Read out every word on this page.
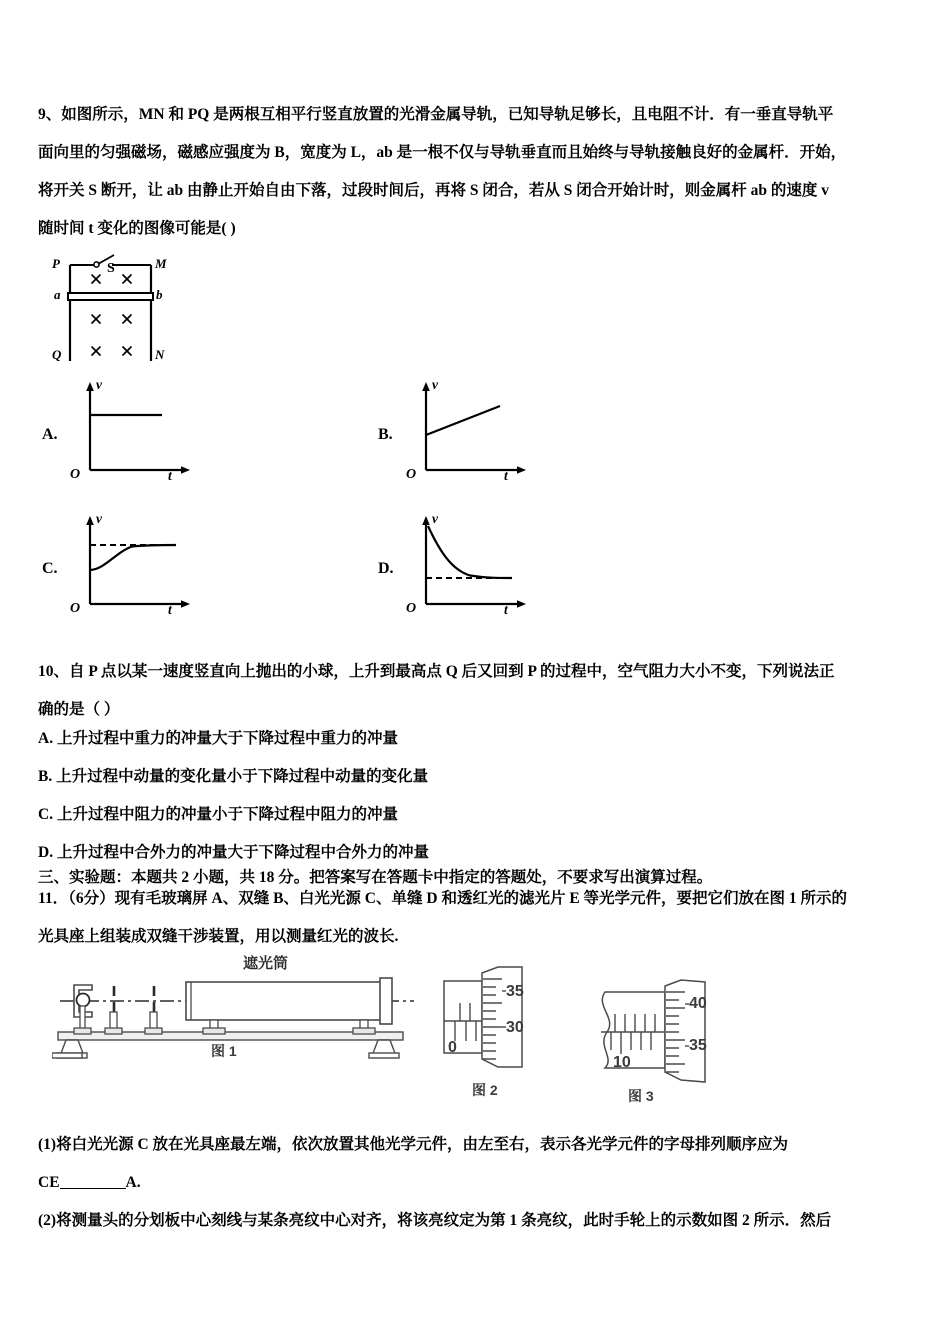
9、如图所示，MN 和 PQ 是两根互相平行竖直放置的光滑金属导轨，已知导轨足够长，且电阻不计．有一垂直导轨平
面向里的匀强磁场，磁感应强度为 B，宽度为 L，ab 是一根不仅与导轨垂直而且始终与导轨接触良好的金属杆．开始，
将开关 S 断开，让 ab 由静止开始自由下落，过段时间后，再将 S 闭合，若从 S 闭合开始计时，则金属杆 ab 的速度 v
随时间 t 变化的图像可能是( )
P	M
Q	N
a	b
S
A.
v
t
O
B.
v
t
O
C.
v
t
O
D.
v
t
O
10、自 P 点以某一速度竖直向上抛出的小球，上升到最高点 Q 后又回到 P 的过程中，空气阻力大小不变，下列说法正
确的是（ ）
A. 上升过程中重力的冲量大于下降过程中重力的冲量
B. 上升过程中动量的变化量小于下降过程中动量的变化量
C. 上升过程中阻力的冲量小于下降过程中阻力的冲量
D. 上升过程中合外力的冲量大于下降过程中合外力的冲量
三、实验题：本题共 2 小题，共 18 分。把答案写在答题卡中指定的答题处，不要求写出演算过程。
11．（6分）现有毛玻璃屏 A、双缝 B、白光光源 C、单缝 D 和透红光的滤光片 E 等光学元件，要把它们放在图 1 所示的
光具座上组装成双缝干涉装置，用以测量红光的波长.
遮光筒
图 1
35
30
0
图 2
40
35
10
图 3
(1)将白光光源 C 放在光具座最左端，依次放置其他光学元件，由左至右，表示各光学元件的字母排列顺序应为
CE	A.
(2)将测量头的分划板中心刻线与某条亮纹中心对齐，将该亮纹定为第 1 条亮纹，此时手轮上的示数如图 2 所示．然后
